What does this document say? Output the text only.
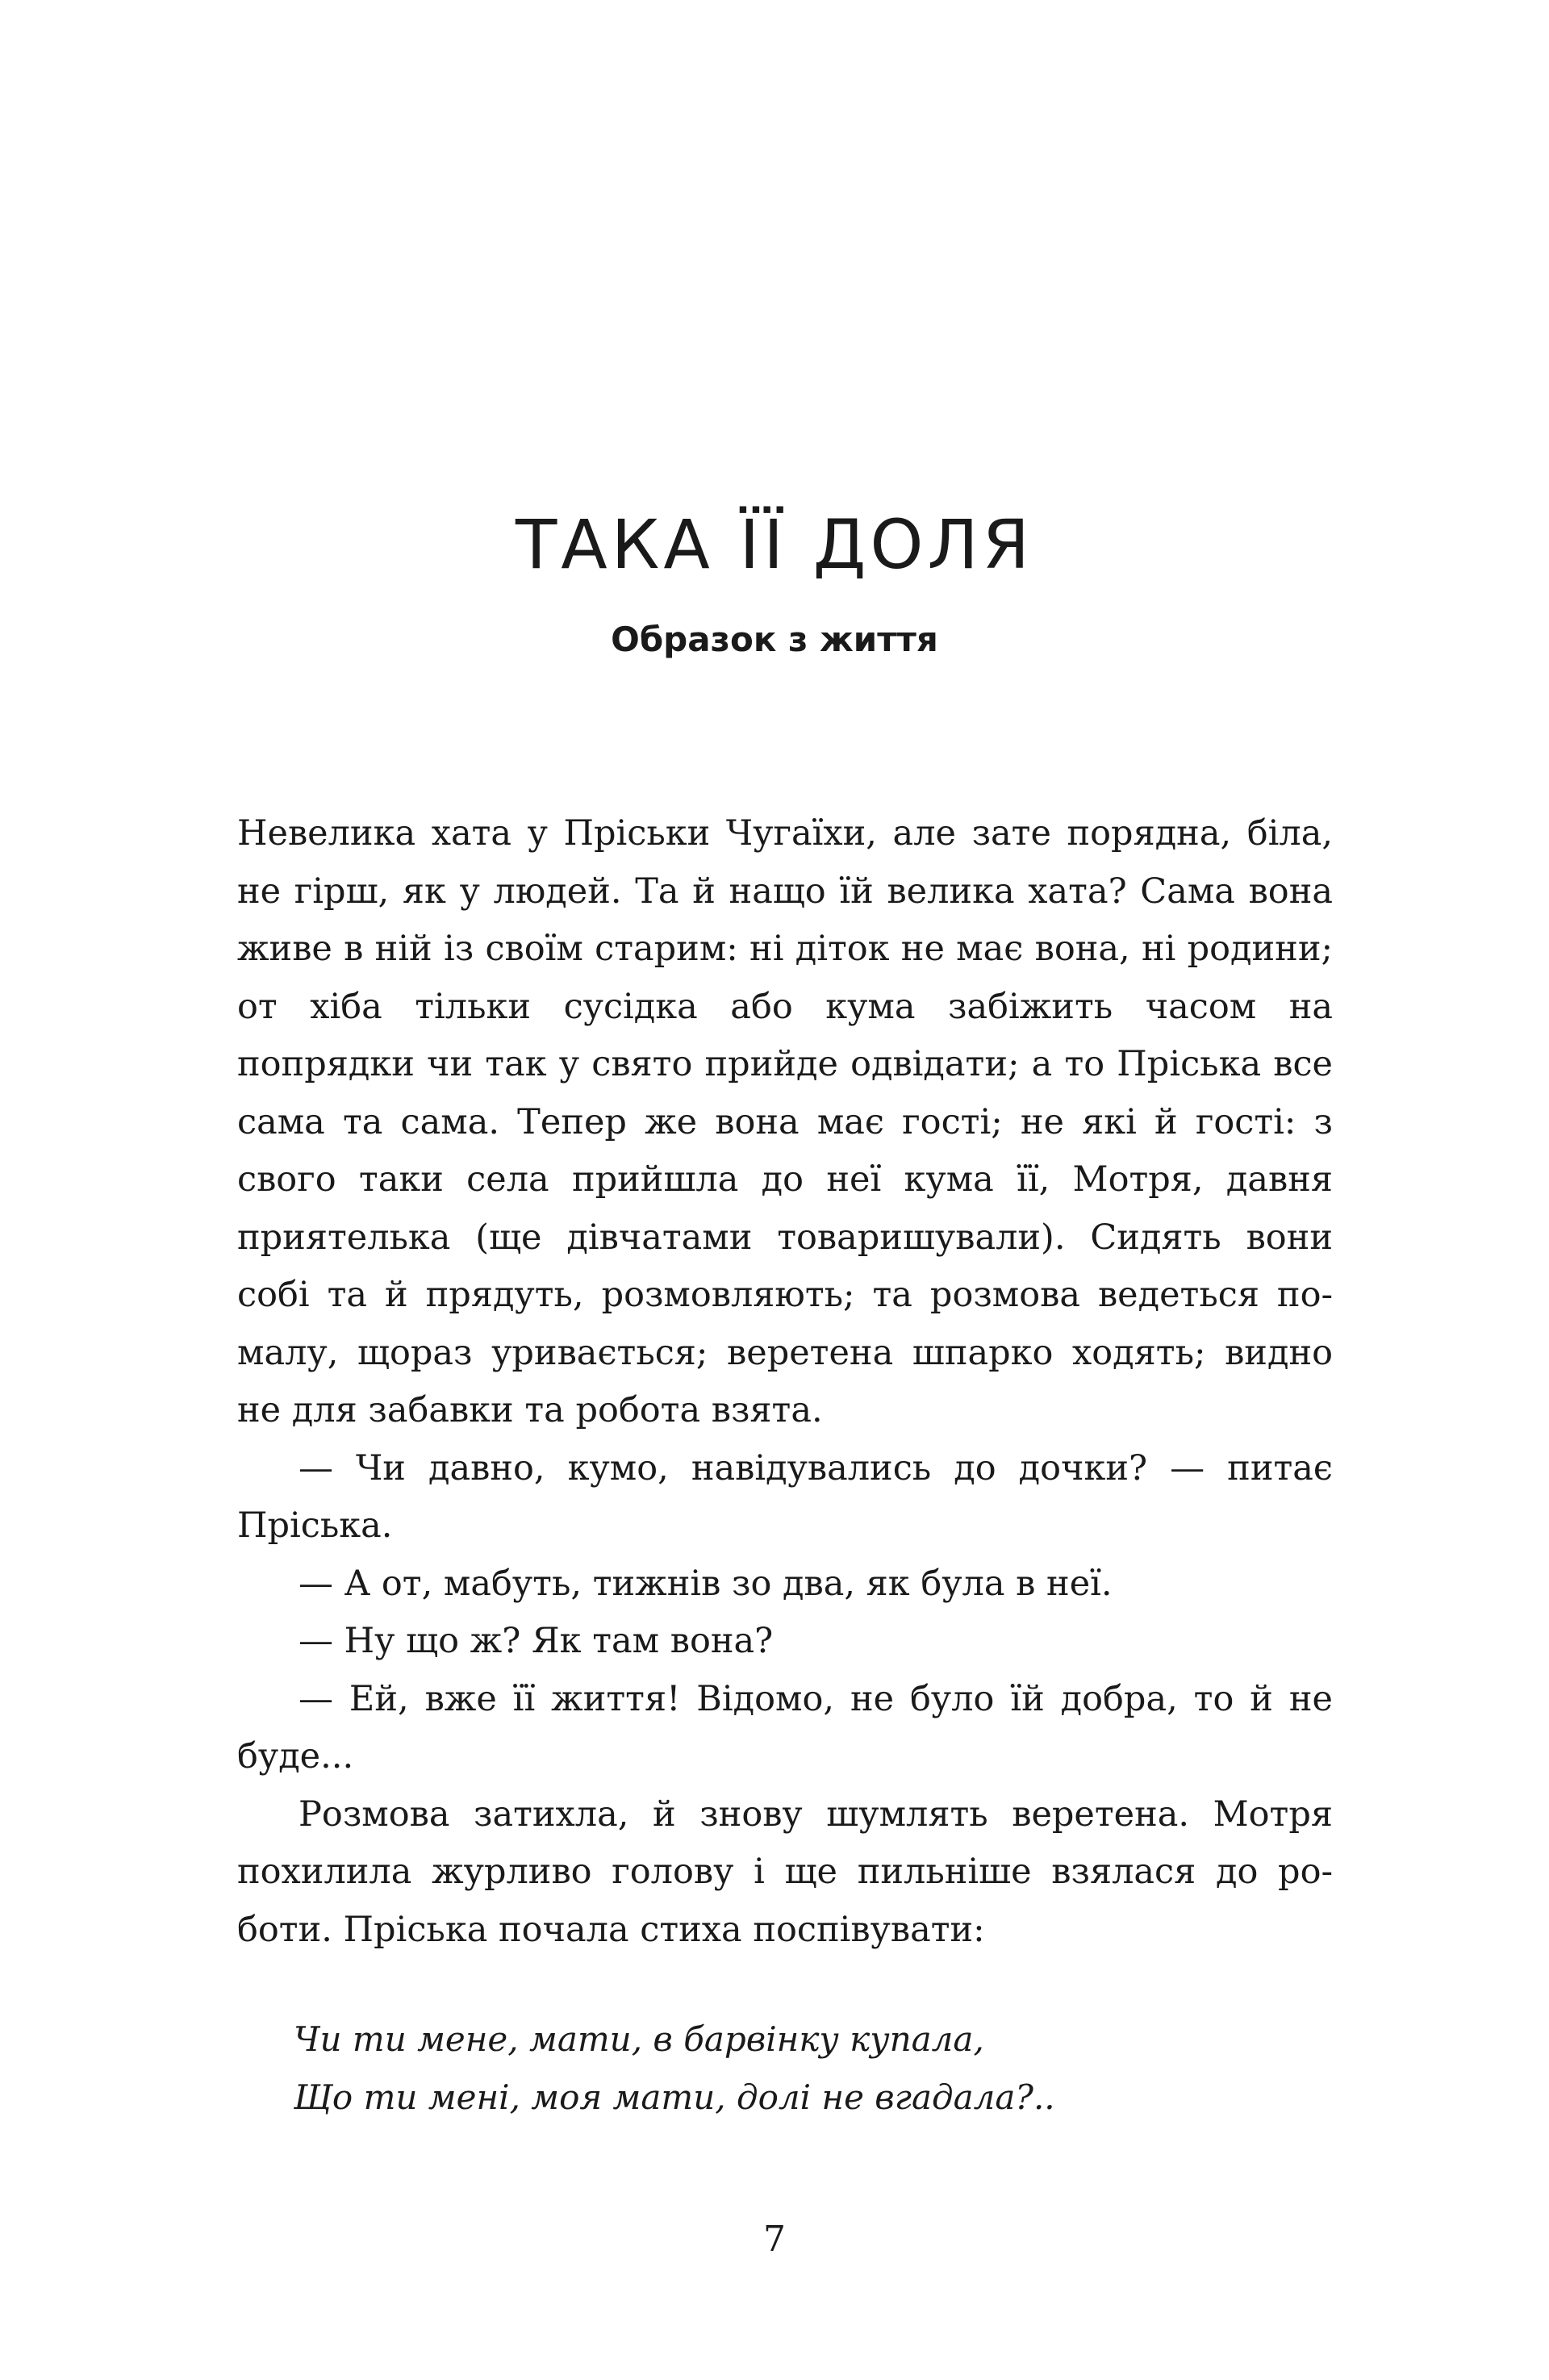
ТАКА ЇЇ ДОЛЯ
Образок з життя

Невелика хата у Пріськи Чугаїхи, але зате порядна, біла, не гірш, як у людей. Та й нащо їй велика хата? Сама вона живе в ній із своїм старим: ні діток не має вона, ні родини; от хіба тільки сусідка або кума забіжить часом на попрядки чи так у свято прийде одвідати; а то Пріська все сама та сама. Тепер же вона має гості; не які й гості: з свого таки села прийшла до неї кума її, Мотря, давня приятелька (ще дівчатами товаришували). Сидять вони собі та й прядуть, розмовляють; та розмова ведеться помалу, щораз уривається; веретена шпарко ходять; видно не для забавки та робота взята.

— Чи давно, кумо, навідувались до дочки? — питає Пріська.

— А от, мабуть, тижнів зо два, як була в неї.

— Ну що ж? Як там вона?

— Ей, вже її життя! Відомо, не було їй добра, то й не буде...

Розмова затихла, й знову шумлять веретена. Мотря похилила журливо голову і ще пильніше взялася до роботи. Пріська почала стиха поспівувати:

Чи ти мене, мати, в барвінку купала,
Що ти мені, моя мати, долі не вгадала?..
7
